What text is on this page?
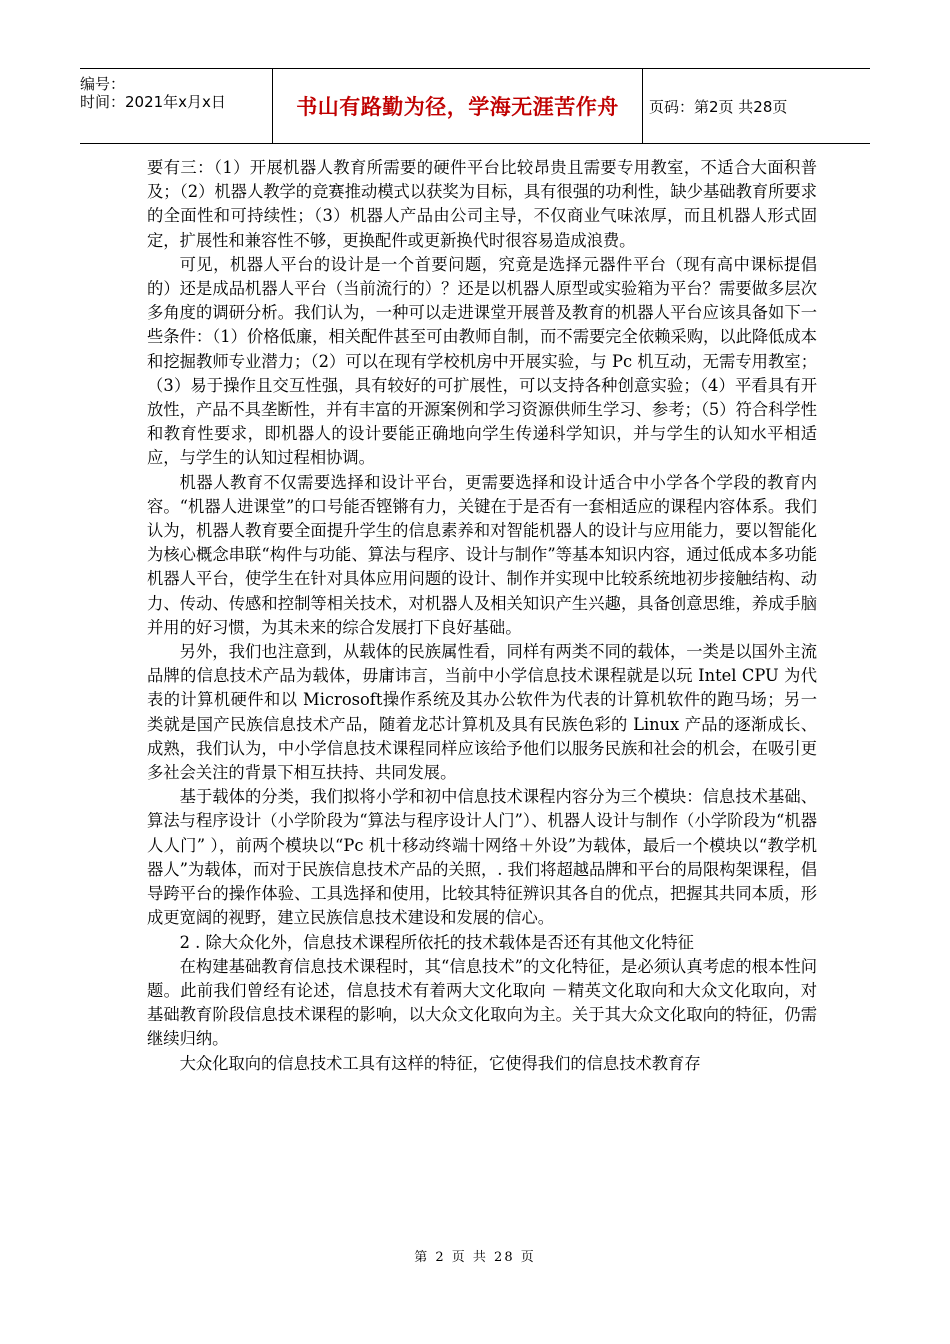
编号：
时间：2021年x月x日	书山有路勤为径，学海无涯苦作舟 页码：第2页 共28页

要有三：（1）开展机器人教育所需要的硬件平台比较昂贵且需要专用教室，不适合大面积普及；（2）机器人教学的竞赛推动模式以获奖为目标，具有很强的功利性，缺少基础教育所要求的全面性和可持续性；（3）机器人产品由公司主导，不仅商业气味浓厚，而且机器人形式固定，扩展性和兼容性不够，更换配件或更新换代时很容易造成浪费。

可见，机器人平台的设计是一个首要问题，究竟是选择元器件平台（现有高中课标提倡的）还是成品机器人平台（当前流行的）？还是以机器人原型或实验箱为平台？需要做多层次多角度的调研分析。我们认为，一种可以走进课堂开展普及教育的机器人平台应该具备如下一些条件：（1）价格低廉，相关配件甚至可由教师自制，而不需要完全依赖采购，以此降低成本和挖掘教师专业潜力；（2）可以在现有学校机房中开展实验，与 Pc 机互动，无需专用教室；（3）易于操作且交互性强，具有较好的可扩展性，可以支持各种创意实验；（4）平看具有开放性，产品不具垄断性，并有丰富的开源案例和学习资源供师生学习、参考；（5）符合科学性和教育性要求，即机器人的设计要能正确地向学生传递科学知识，并与学生的认知水平相适应，与学生的认知过程相协调。

机器人教育不仅需要选择和设计平台，更需要选择和设计适合中小学各个学段的教育内容。“机器人进课堂”的口号能否铿锵有力，关键在于是否有一套相适应的课程内容体系。我们认为，机器人教育要全面提升学生的信息素养和对智能机器人的设计与应用能力，要以智能化为核心概念串联“构件与功能、算法与程序、设计与制作”等基本知识内容，通过低成本多功能机器人平台，使学生在针对具体应用问题的设计、制作并实现中比较系统地初步接触结构、动力、传动、传感和控制等相关技术，对机器人及相关知识产生兴趣，具备创意思维，养成手脑并用的好习惯，为其未来的综合发展打下良好基础。

另外，我们也注意到，从载体的民族属性看，同样有两类不同的载体，一类是以国外主流品牌的信息技术产品为载体，毋庸讳言，当前中小学信息技术课程就是以玩 Intel CPU 为代表的计算机硬件和以 Microsoft操作系统及其办公软件为代表的计算机软件的跑马场；另一类就是国产民族信息技术产品，随着龙芯计算机及具有民族色彩的 Linux 产品的逐渐成长、成熟，我们认为，中小学信息技术课程同样应该给予他们以服务民族和社会的机会，在吸引更多社会关注的背景下相互扶持、共同发展。

基于载体的分类，我们拟将小学和初中信息技术课程内容分为三个模块：信息技术基础、算法与程序设计（小学阶段为“算法与程序设计人门”）、机器人设计与制作（小学阶段为“机器人人门” ），前两个模块以“Pc 机十移动终端十网络＋外设”为载体，最后一个模块以“教学机器人”为载体，而对于民族信息技术产品的关照，. 我们将超越品牌和平台的局限构架课程，倡导跨平台的操作体验、工具选择和使用，比较其特征辨识其各自的优点，把握其共同本质，形成更宽阔的视野，建立民族信息技术建设和发展的信心。

2 . 除大众化外，信息技术课程所依托的技术载体是否还有其他文化特征

在构建基础教育信息技术课程时，其“信息技术”的文化特征，是必须认真考虑的根本性问题。此前我们曾经有论述，信息技术有着两大文化取向 －精英文化取向和大众文化取向，对基础教育阶段信息技术课程的影响，以大众文化取向为主。关于其大众文化取向的特征，仍需继续归纳。

大众化取向的信息技术工具有这样的特征，它使得我们的信息技术教育存

第 2 页 共 28 页
